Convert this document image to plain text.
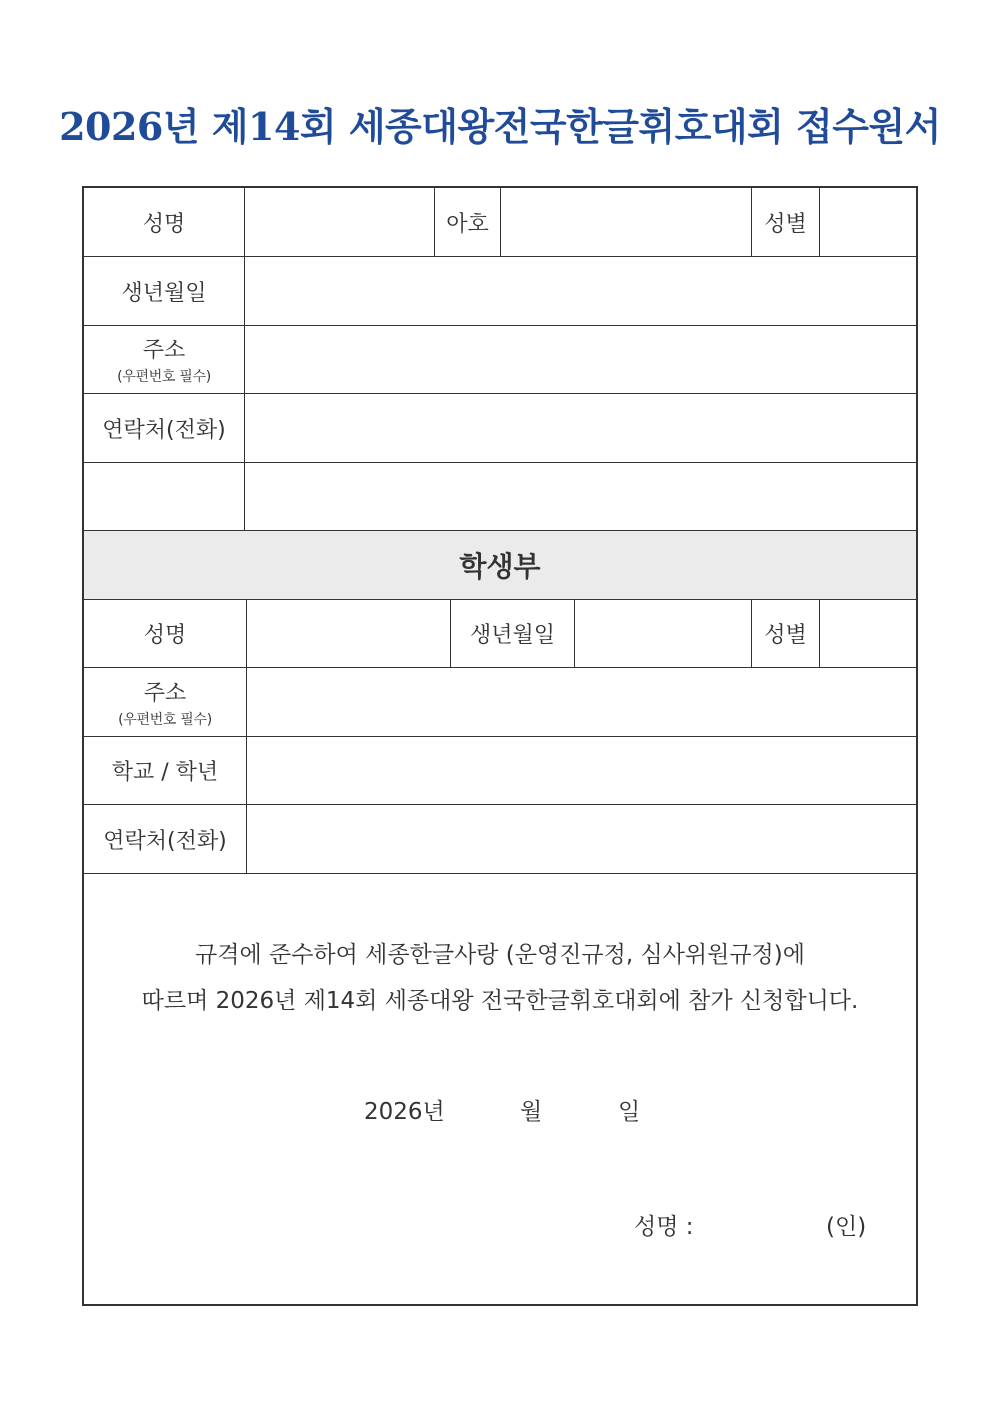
2026년 제14회 세종대왕전국한글휘호대회 접수원서
성명	아호	성별
생년월일
주소
(우편번호 필수)
연락처(전화)
학생부
성명	생년월일	성별
주소
(우편번호 필수)
학교 / 학년
연락처(전화)
규격에 준수하여 세종한글사랑 (운영진규정, 심사위원규정)에
따르며 2026년 제14회 세종대왕 전국한글휘호대회에 참가 신청합니다.
2026년	월	일
성명 :	(인)
